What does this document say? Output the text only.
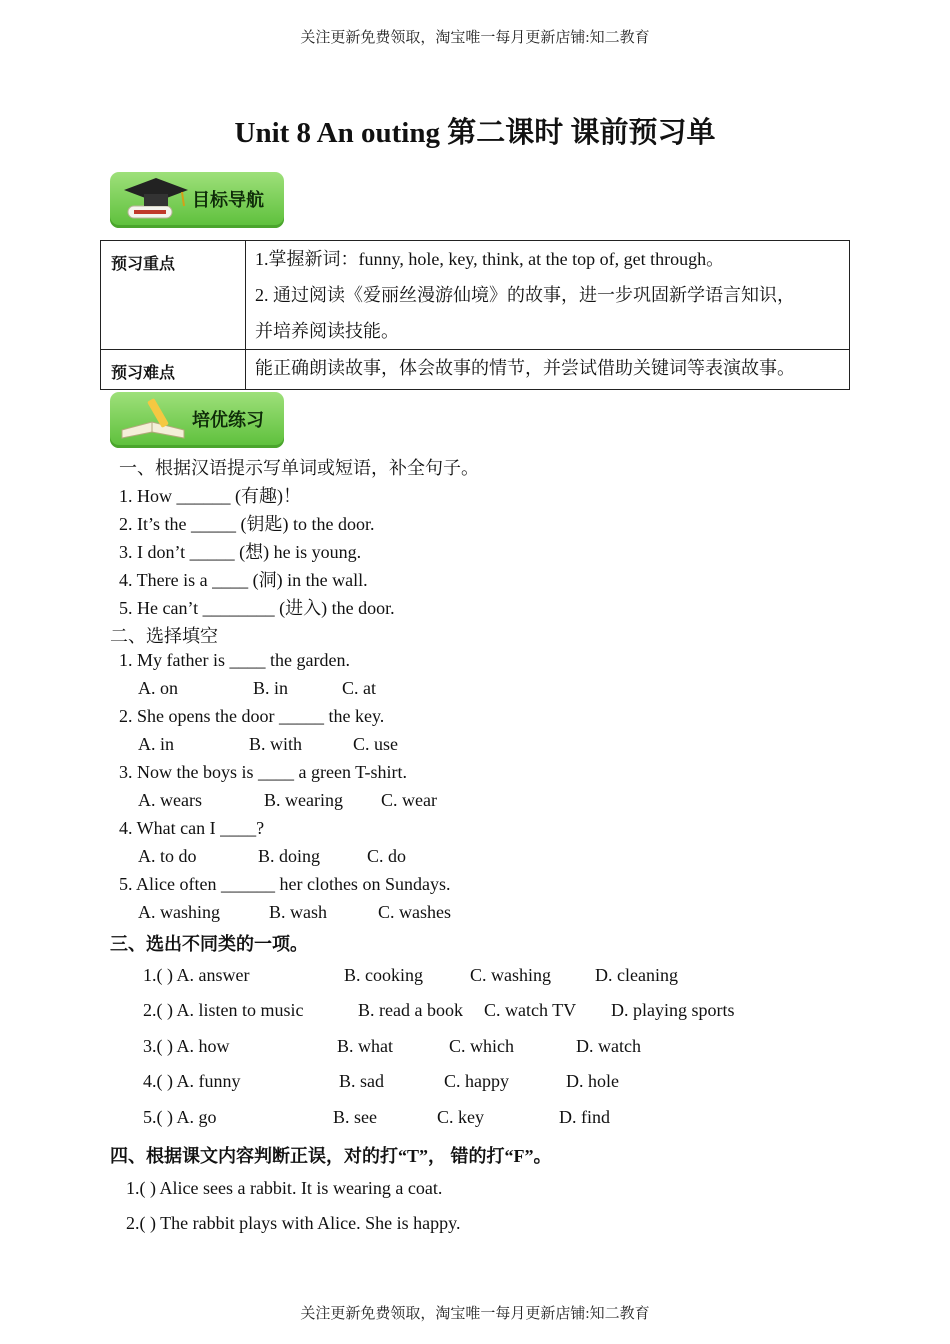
关注更新免费领取，淘宝唯一每月更新店铺:知二教育
关注更新免费领取，淘宝唯一每月更新店铺:知二教育
Unit 8 An outing 第二课时 课前预习单
目标导航
预习重点	1.掌握新词：funny, hole, key, think, at the top of, get through。
2. 通过阅读《爱丽丝漫游仙境》的故事，进一步巩固新学语言知识，
并培养阅读技能。

预习难点	能正确朗读故事，体会故事的情节，并尝试借助关键词等表演故事。
培优练习
一、根据汉语提示写单词或短语，补全句子。
1. How ______ (有趣)！
2. It’s the _____ (钥匙) to the door.
3. I don’t _____ (想) he is young.
4. There is a ____ (洞) in the wall.
5. He can’t ________ (进入) the door.
二、选择填空
1. My father is ____ the garden.
A. on	B. in	C. at
2. She opens the door _____ the key.
A. in	B. with	C. use
3. Now the boys is ____ a green T-shirt.
A. wears	B. wearing C. wear
4. What can I ____?
A. to do	B. doing	C. do
5. Alice often ______ her clothes on Sundays.
A. washing	B. wash	C. washes
三、选出不同类的一项。
1.( ) A. answer	B. cooking	C. washing D. cleaning
2.( ) A. listen to music	B. read a book C. watch TV D. playing sports
3.( ) A. how	B. what	C. which	D. watch
4.( ) A. funny	B. sad	C. happy	D. hole
5.( ) A. go	B. see	C. key	D. find
四、根据课文内容判断正误，对的打“T”， 错的打“F”。
1.( ) Alice sees a rabbit. It is wearing a coat.
2.( ) The rabbit plays with Alice. She is happy.
